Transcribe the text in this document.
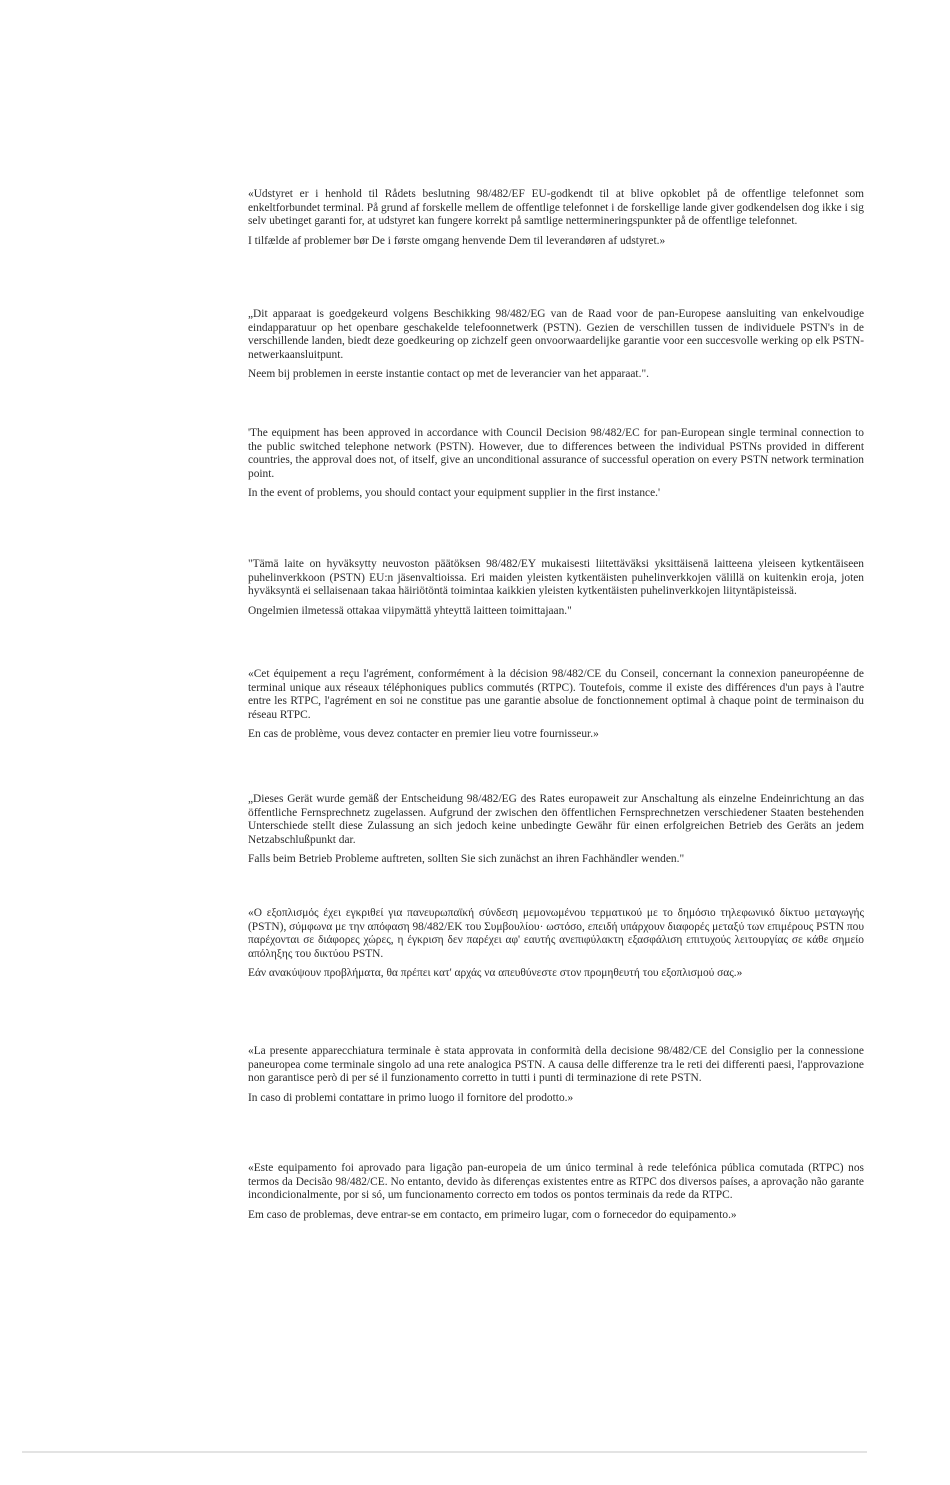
«Udstyret er i henhold til Rådets beslutning 98/482/EF EU-godkendt til at blive opkoblet på de offentlige telefonnet som enkeltforbundet terminal. På grund af forskelle mellem de offentlige telefonnet i de forskellige lande giver godkendelsen dog ikke i sig selv ubetinget garanti for, at udstyret kan fungere korrekt på samtlige nettermineringspunkter på de offentlige telefonnet.

I tilfælde af problemer bør De i første omgang henvende Dem til leverandøren af udstyret.»

„Dit apparaat is goedgekeurd volgens Beschikking 98/482/EG van de Raad voor de pan-Europese aansluiting van enkelvoudige eindapparatuur op het openbare geschakelde telefoonnetwerk (PSTN). Gezien de verschillen tussen de individuele PSTN's in de verschillende landen, biedt deze goedkeuring op zichzelf geen onvoorwaardelijke garantie voor een succesvolle werking op elk PSTN-netwerkaansluitpunt.

Neem bij problemen in eerste instantie contact op met de leverancier van het apparaat.".

'The equipment has been approved in accordance with Council Decision 98/482/EC for pan-European single terminal connection to the public switched telephone network (PSTN). However, due to differences between the individual PSTNs provided in different countries, the approval does not, of itself, give an unconditional assurance of successful operation on every PSTN network termination point.

In the event of problems, you should contact your equipment supplier in the first instance.'

"Tämä laite on hyväksytty neuvoston päätöksen 98/482/EY mukaisesti liitettäväksi yksittäisenä laitteena yleiseen kytkentäiseen puhelinverkkoon (PSTN) EU:n jäsenvaltioissa. Eri maiden yleisten kytkentäisten puhelinverkkojen välillä on kuitenkin eroja, joten hyväksyntä ei sellaisenaan takaa häiriötöntä toimintaa kaikkien yleisten kytkentäisten puhelinverkkojen liityntäpisteissä.

Ongelmien ilmetessä ottakaa viipymättä yhteyttä laitteen toimittajaan."

«Cet équipement a reçu l'agrément, conformément à la décision 98/482/CE du Conseil, concernant la connexion paneuropéenne de terminal unique aux réseaux téléphoniques publics commutés (RTPC). Toutefois, comme il existe des différences d'un pays à l'autre entre les RTPC, l'agrément en soi ne constitue pas une garantie absolue de fonctionnement optimal à chaque point de terminaison du réseau RTPC.

En cas de problème, vous devez contacter en premier lieu votre fournisseur.»

„Dieses Gerät wurde gemäß der Entscheidung 98/482/EG des Rates europaweit zur Anschaltung als einzelne Endeinrichtung an das öffentliche Fernsprechnetz zugelassen. Aufgrund der zwischen den öffentlichen Fernsprechnetzen verschiedener Staaten bestehenden Unterschiede stellt diese Zulassung an sich jedoch keine unbedingte Gewähr für einen erfolgreichen Betrieb des Geräts an jedem Netzabschlußpunkt dar.

Falls beim Betrieb Probleme auftreten, sollten Sie sich zunächst an ihren Fachhändler wenden."

«Ο εξοπλισμός έχει εγκριθεί για πανευρωπαϊκή σύνδεση μεμονωμένου τερματικού με το δημόσιο τηλεφωνικό δίκτυο μεταγωγής (PSTN), σύμφωνα με την απόφαση 98/482/ΕΚ του Συμβουλίου· ωστόσο, επειδή υπάρχουν διαφορές μεταξύ των επιμέρους PSTN που παρέχονται σε διάφορες χώρες, η έγκριση δεν παρέχει αφ' εαυτής ανεπιφύλακτη εξασφάλιση επιτυχούς λειτουργίας σε κάθε σημείο απόληξης του δικτύου PSTN.

Εάν ανακύψουν προβλήματα, θα πρέπει κατ' αρχάς να απευθύνεστε στον προμηθευτή του εξοπλισμού σας.»

«La presente apparecchiatura terminale è stata approvata in conformità della decisione 98/482/CE del Consiglio per la connessione paneuropea come terminale singolo ad una rete analogica PSTN. A causa delle differenze tra le reti dei differenti paesi, l'approvazione non garantisce però di per sé il funzionamento corretto in tutti i punti di terminazione di rete PSTN.

In caso di problemi contattare in primo luogo il fornitore del prodotto.»

«Este equipamento foi aprovado para ligação pan-europeia de um único terminal à rede telefónica pública comutada (RTPC) nos termos da Decisão 98/482/CE. No entanto, devido às diferenças existentes entre as RTPC dos diversos países, a aprovação não garante incondicionalmente, por si só, um funcionamento correcto em todos os pontos terminais da rede da RTPC.

Em caso de problemas, deve entrar-se em contacto, em primeiro lugar, com o fornecedor do equipamento.»
